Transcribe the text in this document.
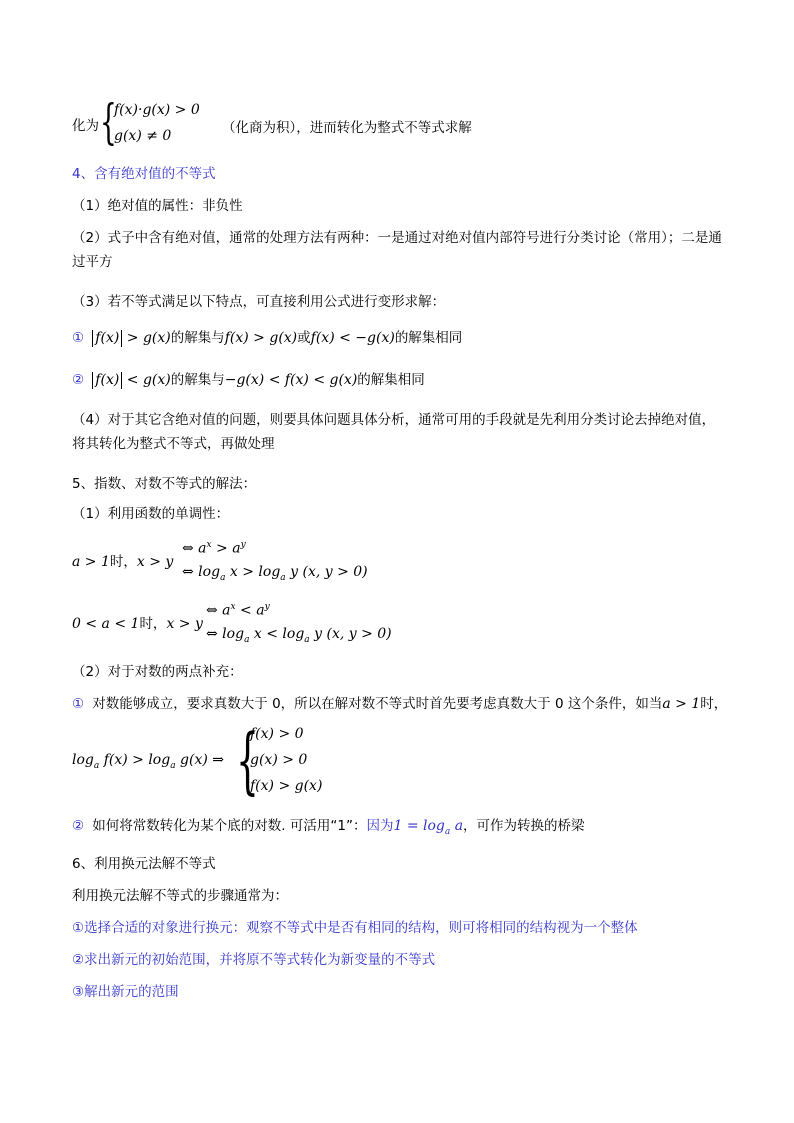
化为 {
f(x)·g(x) > 0
g(x) ≠ 0	（化商为积），进而转化为整式不等式求解
4、含有绝对值的不等式
（1）绝对值的属性：非负性
（2）式子中含有绝对值，通常的处理方法有两种：一是通过对绝对值内部符号进行分类讨论（常用）；二是通过平方
（3）若不等式满足以下特点，可直接利用公式进行变形求解：
① f(x) > g(x)的解集与f(x) > g(x)或f(x) < −g(x)的解集相同
② f(x) < g(x)的解集与−g(x) < f(x) < g(x)的解集相同
（4）对于其它含绝对值的问题，则要具体问题具体分析，通常可用的手段就是先利用分类讨论去掉绝对值，将其转化为整式不等式，再做处理
5、指数、对数不等式的解法：
（1）利用函数的单调性：
a > 1时，x > y
⇔ $a^x > a^y$
⇔ $\log_a x > \log_a y$ (x, y > 0)
0 < a < 1时，x > y
⇔ $a^x < a^y$
⇔ $\log_a x < \log_a y$ (x, y > 0)
（2）对于对数的两点补充：
① 对数能够成立，要求真数大于 0，所以在解对数不等式时首先要考虑真数大于 0 这个条件，如当a > 1时，
$\log_a f(x) > \log_a g(x)$ ⇒ {
f(x) > 0
g(x) > 0
f(x) > g(x)
② 如何将常数转化为某个底的对数. 可活用“1”：因为$1 = \log_a a$，可作为转换的桥梁
6、利用换元法解不等式
利用换元法解不等式的步骤通常为：
①选择合适的对象进行换元：观察不等式中是否有相同的结构，则可将相同的结构视为一个整体
②求出新元的初始范围，并将原不等式转化为新变量的不等式
③解出新元的范围
